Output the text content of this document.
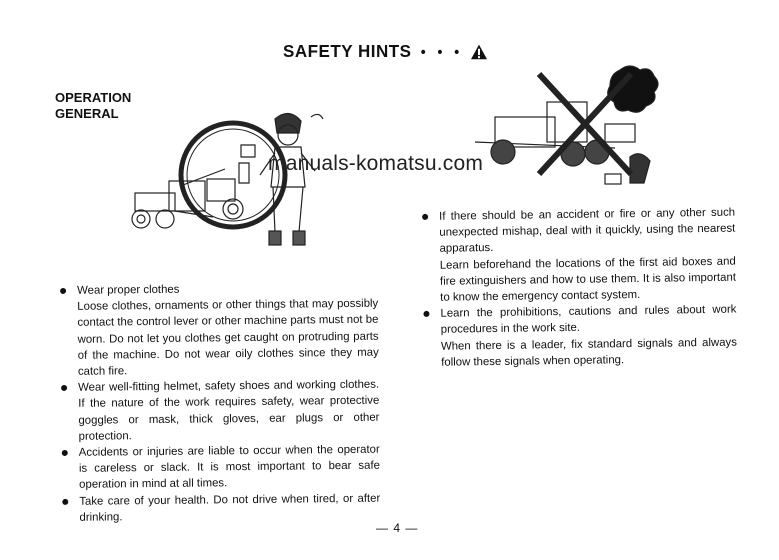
SAFETY HINTS • • •
OPERATION
GENERAL
manuals-komatsu.com

Wear proper clothes

Loose clothes, ornaments or other things that may possibly contact the control lever or other machine parts must not be worn. Do not let you clothes get caught on protruding parts of the machine. Do not wear oily clothes since they may catch fire.

Wear well-fitting helmet, safety shoes and working clothes. If the nature of the work requires safety, wear protective goggles or mask, thick gloves, ear plugs or other protection.

Accidents or injuries are liable to occur when the operator is careless or slack. It is most important to bear safe operation in mind at all times.

Take care of your health. Do not drive when tired, or after drinking.

If there should be an accident or fire or any other such unexpected mishap, deal with it quickly, using the nearest apparatus.

Learn beforehand the locations of the first aid boxes and fire extinguishers and how to use them. It is also important to know the emergency contact system.

Learn the prohibitions, cautions and rules about work procedures in the work site.

When there is a leader, fix standard signals and always follow these signals when operating.

— 4 —
